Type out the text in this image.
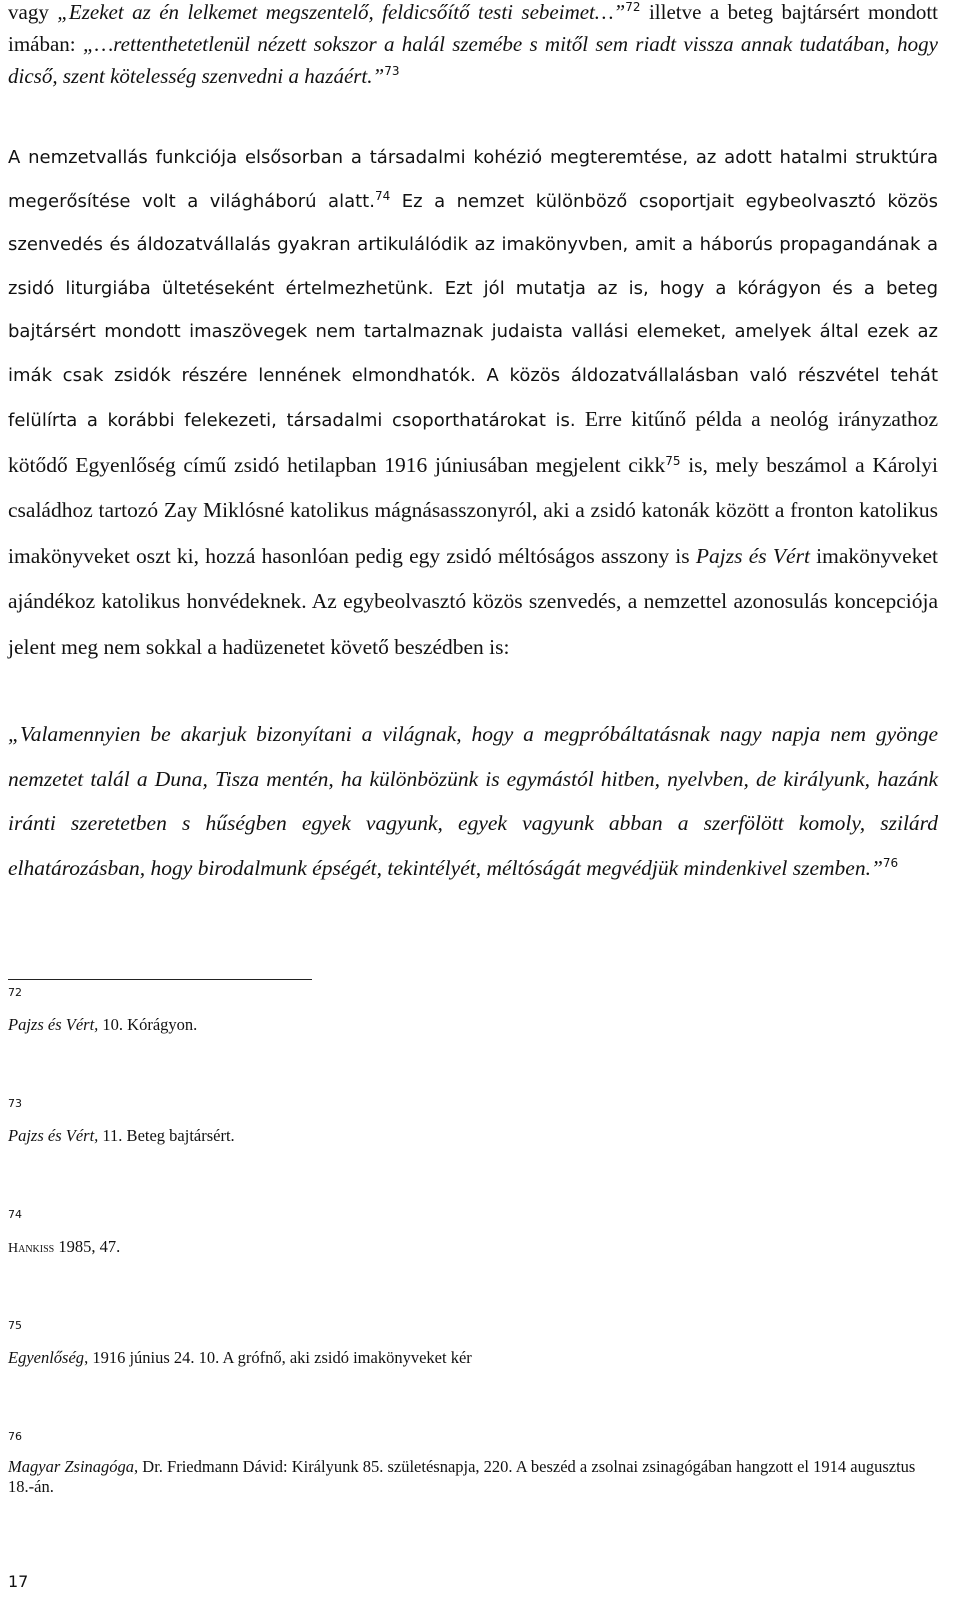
vagy „Ezeket az én lelkemet megszentelő, feldicsőítő testi sebeimet…”$^{72}$ illetve a beteg bajtársért mondott imában: „…rettenthetetlenül nézett sokszor a halál szemébe s mitől sem riadt vissza annak tudatában, hogy dicső, szent kötelesség szenvedni a hazáért.”$^{73}$

A nemzetvallás funkciója elsősorban a társadalmi kohézió megteremtése, az adott hatalmi struktúra megerősítése volt a világháború alatt.$^{74}$ Ez a nemzet különböző csoportjait egybeolvasztó közös szenvedés és áldozatvállalás gyakran artikulálódik az imakönyvben, amit a háborús propagandának a zsidó liturgiába ültetéseként értelmezhetünk. Ezt jól mutatja az is, hogy a kórágyon és a beteg bajtársért mondott imaszövegek nem tartalmaznak judaista vallási elemeket, amelyek által ezek az imák csak zsidók részére lennének elmondhatók. A közös áldozatvállalásban való részvétel tehát felülírta a korábbi felekezeti, társadalmi csoporthatárokat is. Erre kitűnő példa a neológ irányzathoz kötődő Egyenlőség című zsidó hetilapban 1916 júniusában megjelent cikk$^{75}$ is, mely beszámol a Károlyi családhoz tartozó Zay Miklósné katolikus mágnásasszonyról, aki a zsidó katonák között a fronton katolikus imakönyveket oszt ki, hozzá hasonlóan pedig egy zsidó méltóságos asszony is Pajzs és Vért imakönyveket ajándékoz katolikus honvédeknek. Az egybeolvasztó közös szenvedés, a nemzettel azonosulás koncepciója jelent meg nem sokkal a hadüzenetet követő beszédben is:

„Valamennyien be akarjuk bizonyítani a világnak, hogy a megpróbáltatásnak nagy napja nem gyönge nemzetet talál a Duna, Tisza mentén, ha különbözünk is egymástól hitben, nyelvben, de királyunk, hazánk iránti szeretetben s hűségben egyek vagyunk, egyek vagyunk abban a szerfölött komoly, szilárd elhatározásban, hogy birodalmunk épségét, tekintélyét, méltóságát megvédjük mindenkivel szemben.”$^{76}$

72
Pajzs és Vért, 10. Kórágyon.
73
Pajzs és Vért, 11. Beteg bajtársért.
74
Hankiss 1985, 47.
75
Egyenlőség, 1916 június 24. 10. A grófnő, aki zsidó imakönyveket kér
76
Magyar Zsinagóga, Dr. Friedmann Dávid: Királyunk 85. születésnapja, 220. A beszéd a zsolnai zsinagógában hangzott el 1914 augusztus 18.-án.
17
